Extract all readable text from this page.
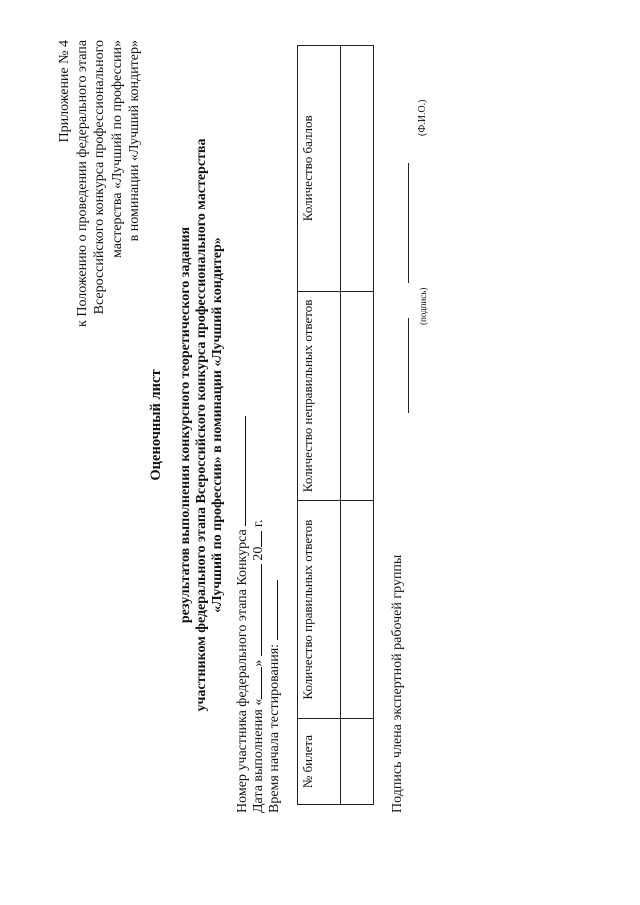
Приложение № 4 к Положению о проведении федерального этапа Всероссийского конкурса профессионального мастерства «Лучший по профессии» в номинации «Лучший кондитер»
Оценочный лист результатов выполнения конкурсного теоретического задания участником федерального этапа Всероссийского конкурса профессионального мастерства «Лучший по профессии» в номинации «Лучший кондитер»
Номер участника федерального этапа Конкурса Дата выполнения «»  20 г.
Время начала тестирования: № билета	Количество правильных ответов	Количество неправильных ответов	Количество баллов

Подпись члена экспертной рабочей группы
(подпись)
(Ф.И.О.)
